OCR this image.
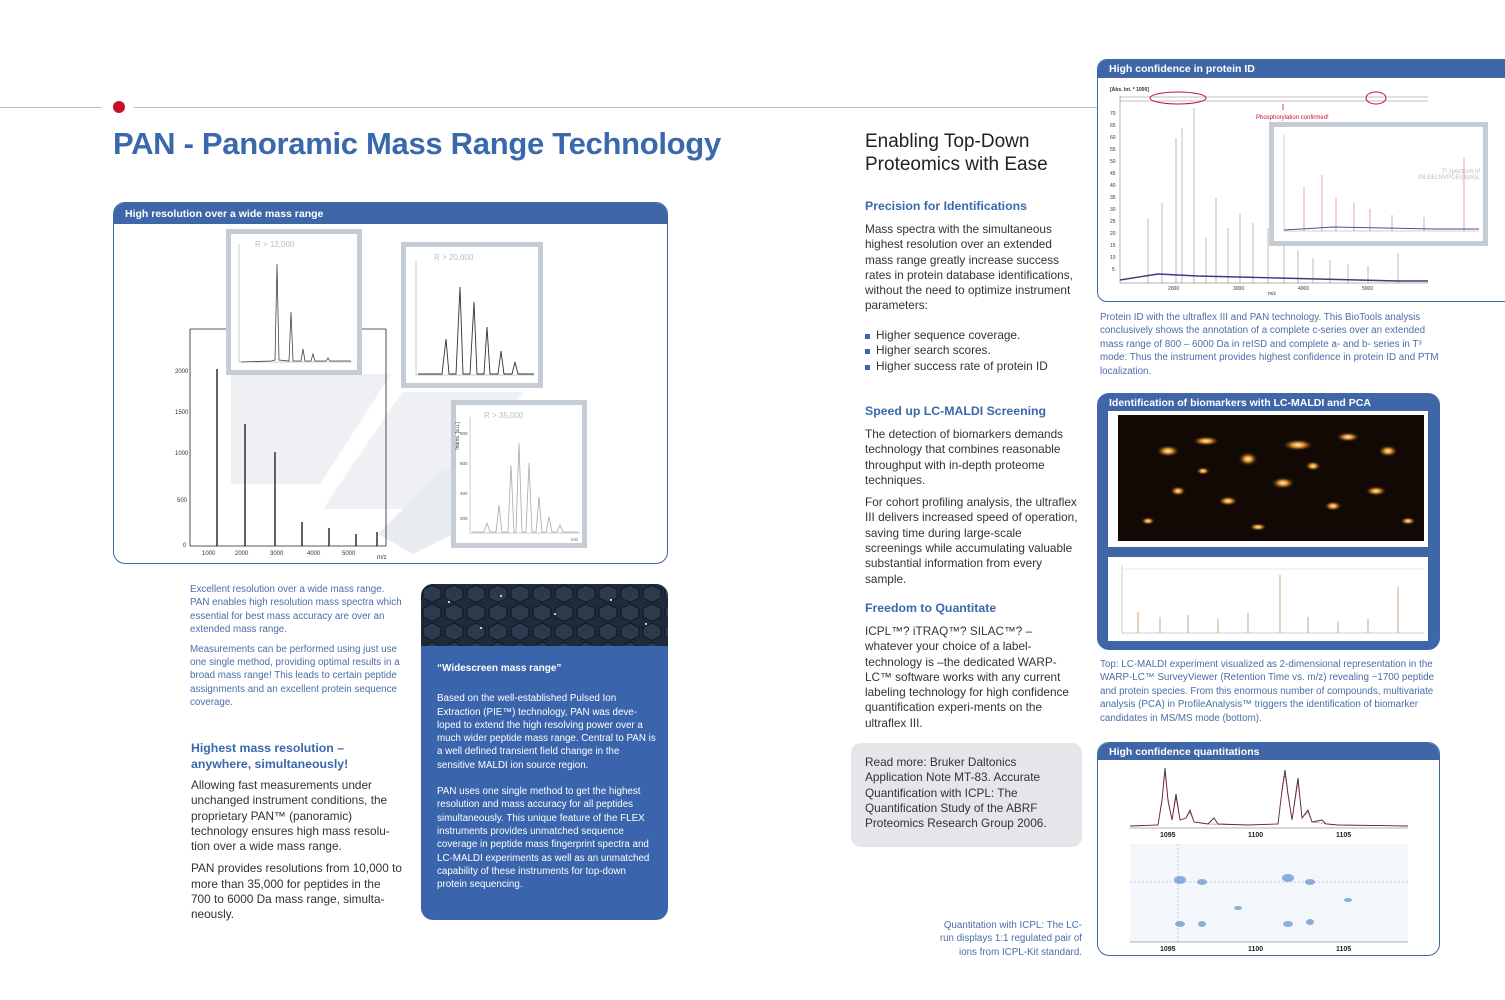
PAN - Panoramic Mass Range Technology
High resolution over a wide mass range
2000
1500
1000
500
0
1000	2000	3000	4000	5000
m/z
R > 12,000
R > 20,000
R > 35,000
Intens. [a.u.] 800
600
400
200
m/z

Excellent resolution over a wide mass range. PAN enables high resolution mass spectra which essential for best mass accuracy are over an extended mass range.

Measurements can be performed using just use one single method, providing optimal results in a broad mass range! This leads to certain peptide assignments and an excellent protein sequence coverage.

Highest mass resolution – anywhere, simultaneously!

Allowing fast measurements under unchanged instrument conditions, the proprietary PAN™ (panoramic) technology ensures high mass resolu-tion over a wide mass range.

PAN provides resolutions from 10,000 to more than 35,000 for peptides in the 700 to 6000 Da mass range, simulta-neously.

“Widescreen mass range”

Based on the well-established Pulsed Ion Extraction (PIE™) technology, PAN was deve-loped to extend the high resolving power over a much wider peptide mass range. Central to PAN is a well defined transient field change in the sensitive MALDI ion source region.

PAN uses one single method to get the highest resolution and mass accuracy for all peptides simultaneously. This unique feature of the FLEX instruments provides unmatched sequence coverage in peptide mass fingerprint spectra and LC-MALDI experiments as well as an unmatched capability of these instruments for top-down protein sequencing.

Enabling Top-Down Proteomics with Ease
Precision for Identifications
Mass spectra with the simultaneous highest resolution over an extended mass range greatly increase success rates in protein database identifications, without the need to optimize instrument parameters:
Higher sequence coverage.
Higher search scores.
Higher success rate of protein ID
Speed up LC-MALDI Screening

The detection of biomarkers demands technology that combines reasonable throughput with in-depth proteome techniques.

For cohort profiling analysis, the ultraflex III delivers increased speed of operation, saving time during large-scale screenings while accumulating valuable substantial information from every sample.

Freedom to Quantitate
ICPL™? iTRAQ™? SILAC™? – whatever your choice of a label-technology is –the dedicated WARP-LC™ software works with any current labeling technology for high confidence quantification experi-ments on the ultraflex III.
Read more: Bruker Daltonics Application Note MT-83. Accurate Quantification with ICPL: The Quantification Study of the ABRF Proteomics Research Group 2006.
Quantitation with ICPL: The LC-run displays 1:1 regulated pair of ions from ICPL-Kit standard.
High confidence in protein ID
[Abs. Int. * 1000]
70
65
60
55
50
45
40
35
30
25
20
15
10
5
2000	3000	4000	5000
m/z
Phosphorylation confirmed!
T³ spectrum of INLEELNVPGEI(SpS)L
Protein ID with the ultraflex III and PAN technology. This BioTools analysis conclusively shows the annotation of a complete c-series over an extended mass range of 800 – 6000 Da in reISD and complete a- and b- series in T³ mode: Thus the instrument provides highest confidence in protein ID and PTM localization.
Identification of biomarkers with LC-MALDI and PCA
Top: LC-MALDI experiment visualized as 2-dimensional representation in the WARP-LC™ SurveyViewer (Retention Time vs. m/z) revealing ~1700 peptide and protein species. From this enormous number of compounds, multivariate analysis (PCA) in ProfileAnalysis™ triggers the identification of biomarker candidates in MS/MS mode (bottom).
High confidence quantitations
1095	1100	1105
1095	1100	1105
